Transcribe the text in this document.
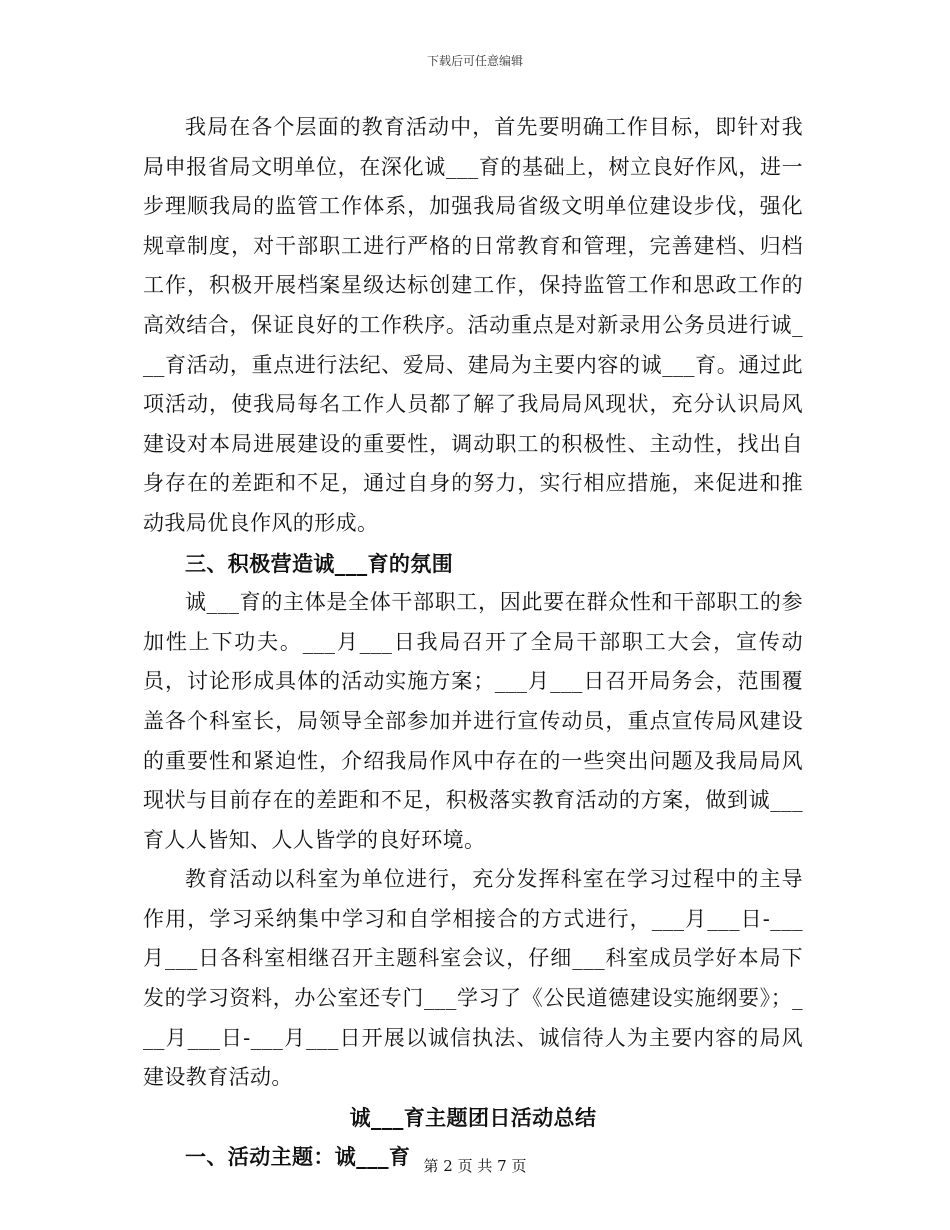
下载后可任意编辑

我局在各个层面的教育活动中，首先要明确工作目标，即针对我局申报省局文明单位，在深化诚___育的基础上，树立良好作风，进一步理顺我局的监管工作体系，加强我局省级文明单位建设步伐，强化规章制度，对干部职工进行严格的日常教育和管理，完善建档、归档工作，积极开展档案星级达标创建工作，保持监管工作和思政工作的高效结合，保证良好的工作秩序。活动重点是对新录用公务员进行诚___育活动，重点进行法纪、爱局、建局为主要内容的诚___育。通过此项活动，使我局每名工作人员都了解了我局局风现状，充分认识局风建设对本局进展建设的重要性，调动职工的积极性、主动性，找出自身存在的差距和不足，通过自身的努力，实行相应措施，来促进和推动我局优良作风的形成。

三、积极营造诚___育的氛围

诚___育的主体是全体干部职工，因此要在群众性和干部职工的参加性上下功夫。___月___日我局召开了全局干部职工大会，宣传动员，讨论形成具体的活动实施方案；___月___日召开局务会，范围覆盖各个科室长，局领导全部参加并进行宣传动员，重点宣传局风建设的重要性和紧迫性，介绍我局作风中存在的一些突出问题及我局局风现状与目前存在的差距和不足，积极落实教育活动的方案，做到诚___育人人皆知、人人皆学的良好环境。

教育活动以科室为单位进行，充分发挥科室在学习过程中的主导作用，学习采纳集中学习和自学相接合的方式进行，___月___日-___月___日各科室相继召开主题科室会议，仔细___科室成员学好本局下发的学习资料，办公室还专门___学习了《公民道德建设实施纲要》；___月___日-___月___日开展以诚信执法、诚信待人为主要内容的局风建设教育活动。

诚___育主题团日活动总结

一、活动主题：诚___育 第 2 页 共 7 页
